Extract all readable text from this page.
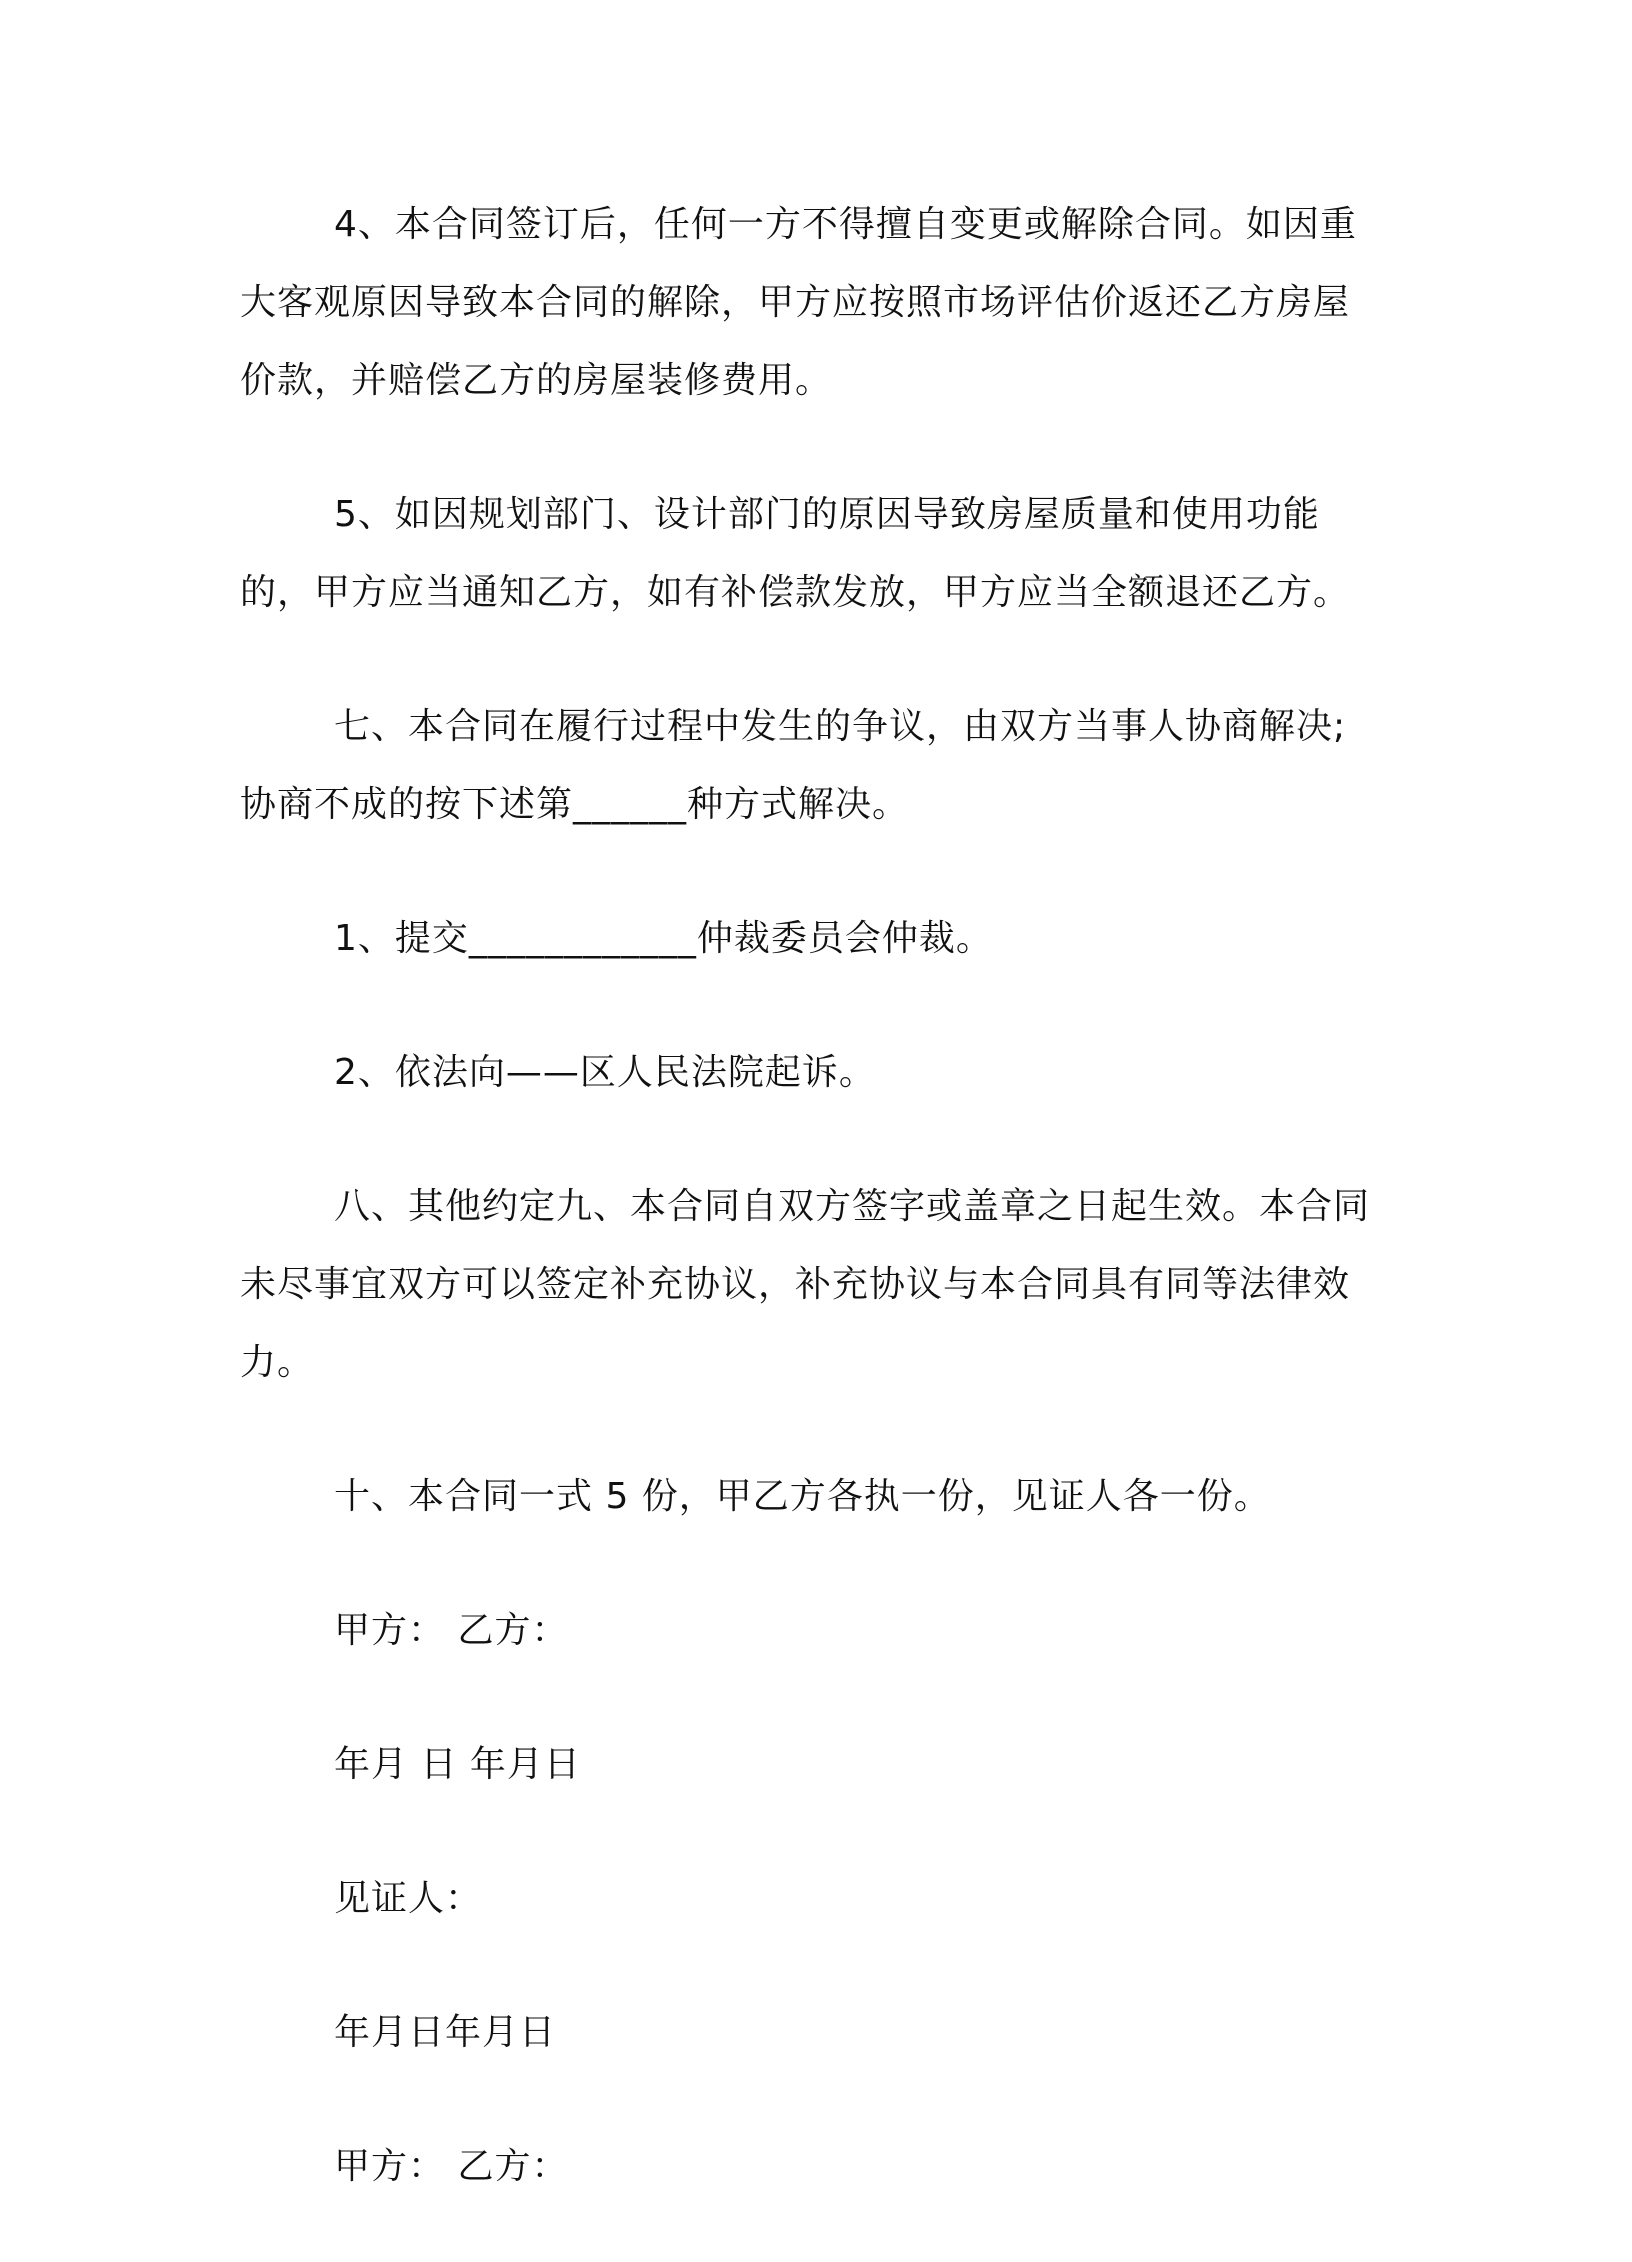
4、本合同签订后，任何一方不得擅自变更或解除合同。如因重大客观原因导致本合同的解除，甲方应按照市场评估价返还乙方房屋价款，并赔偿乙方的房屋装修费用。

5、如因规划部门、设计部门的原因导致房屋质量和使用功能的，甲方应当通知乙方，如有补偿款发放，甲方应当全额退还乙方。

七、本合同在履行过程中发生的争议，由双方当事人协商解决;协商不成的按下述第______种方式解决。

1、提交____________仲裁委员会仲裁。

2、依法向——区人民法院起诉。

八、其他约定九、本合同自双方签字或盖章之日起生效。本合同未尽事宜双方可以签定补充协议，补充协议与本合同具有同等法律效力。

十、本合同一式 5 份，甲乙方各执一份，见证人各一份。

甲方： 乙方：

年月 日 年月日

见证人：

年月日年月日

甲方： 乙方：
